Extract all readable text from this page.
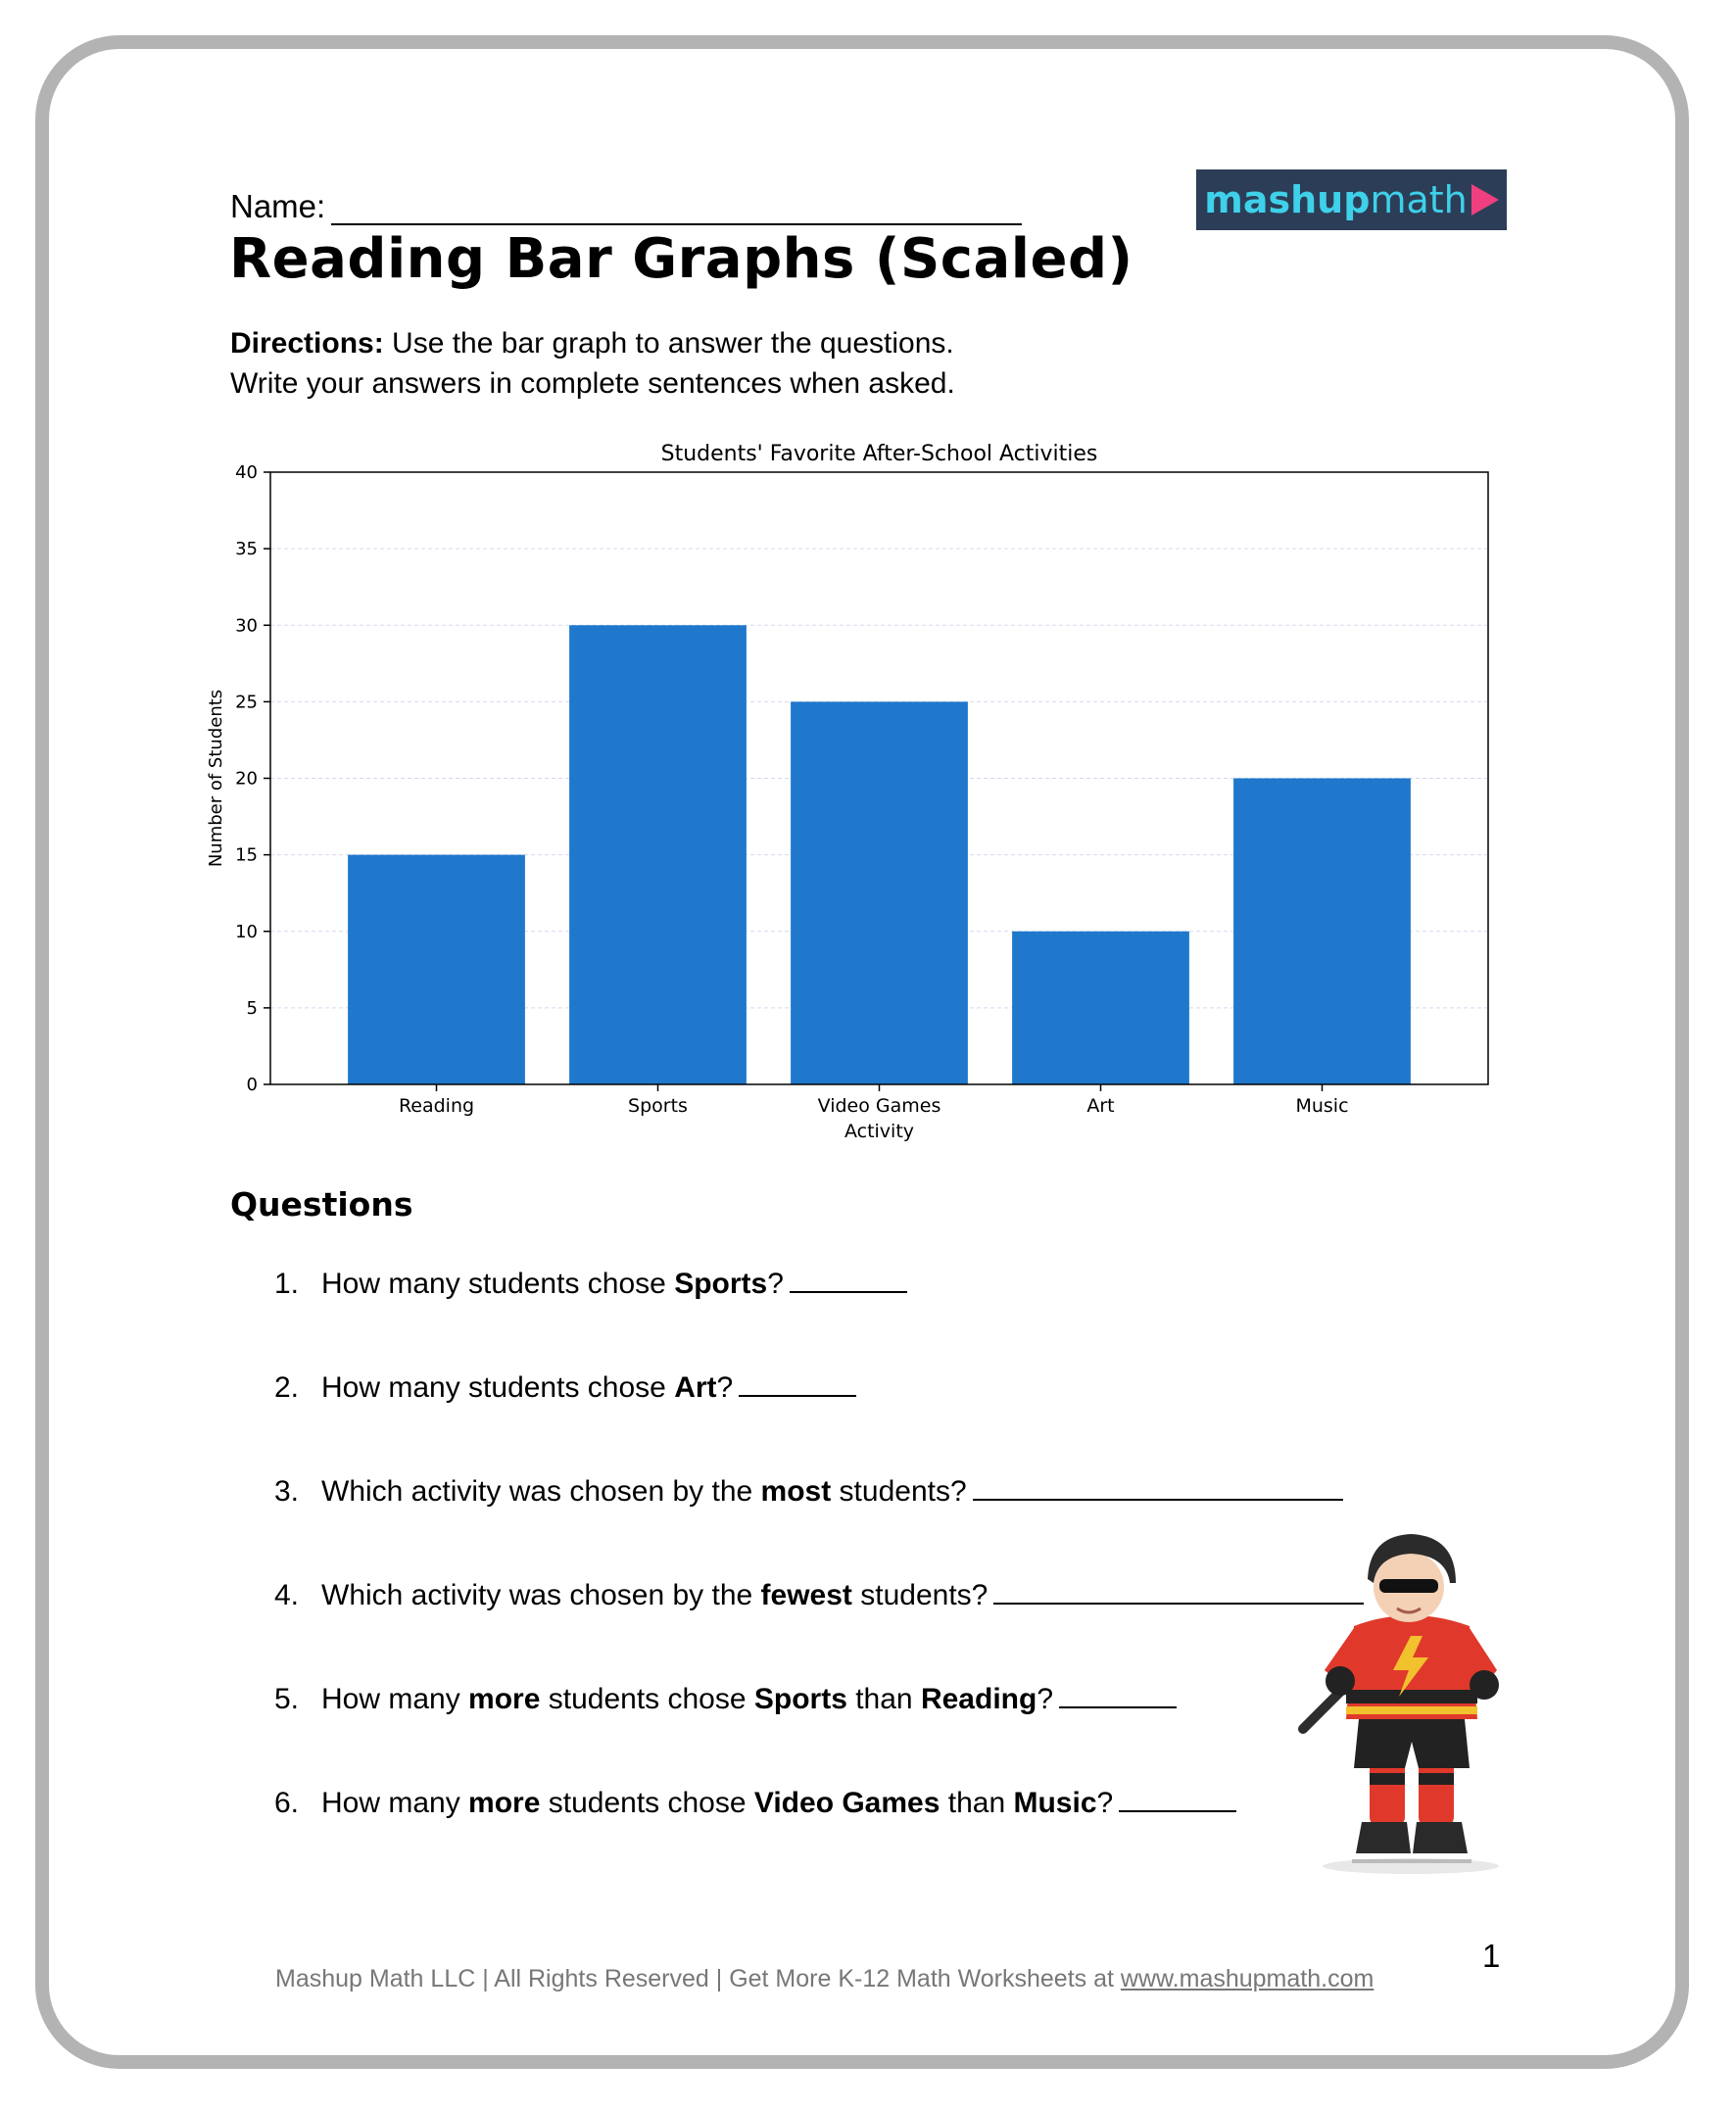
Name:	mashup math
Reading Bar Graphs (Scaled)
Directions: Use the bar graph to answer the questions.
Write your answers in complete sentences when asked.
Reading	Sports	Video Games	Art	Music
0
5
10
15
20
25
30
35
40
Students' Favorite After-School Activities
Activity
Number of Students
Questions
1. How many students chose Sports?
2. How many students chose Art?
3. Which activity was chosen by the most students?
4. Which activity was chosen by the fewest students?
5. How many more students chose Sports than Reading?
6. How many more students chose Video Games than Music?
Mashup Math LLC | All Rights Reserved | Get More K-12 Math Worksheets at www.mashupmath.com
1
